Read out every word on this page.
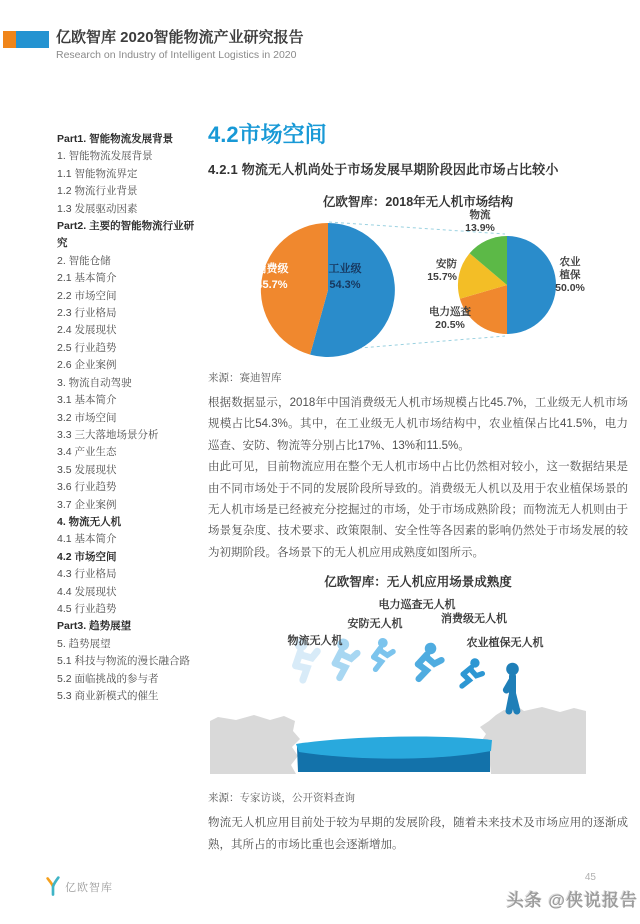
亿欧智库 2020智能物流产业研究报告
Research on Industry of Intelligent Logistics in 2020
Part1. 智能物流发展背景
1. 智能物流发展背景
1.1 智能物流界定
1.2 物流行业背景
1.3 发展驱动因素
Part2. 主要的智能物流行业研究
2. 智能仓储
2.1 基本简介
2.2 市场空间
2.3 行业格局
2.4 发展现状
2.5 行业趋势
2.6 企业案例
3. 物流自动驾驶
3.1 基本简介
3.2 市场空间
3.3 三大落地场景分析
3.4 产业生态
3.5 发展现状
3.6 行业趋势
3.7 企业案例
4. 物流无人机
4.1 基本简介
4.2 市场空间
4.3 行业格局
4.4 发展现状
4.5 行业趋势
Part3. 趋势展望
5. 趋势展望
5.1 科技与物流的漫长融合路
5.2 面临挑战的参与者
5.3 商业新模式的催生
4.2市场空间
4.2.1 物流无人机尚处于市场发展早期阶段因此市场占比较小
亿欧智库：2018年无人机市场结构
消费级
45.7%
工业级
54.3%
物流
13.9%
安防
15.7%
电力巡查
20.5%
农业
植保
50.0%
来源：赛迪智库

根据数据显示，2018年中国消费级无人机市场规模占比45.7%，工业级无人机市场规模占比54.3%。其中，在工业级无人机市场结构中，农业植保占比41.5%，电力巡查、安防、物流等分别占比17%、13%和11.5%。

由此可见，目前物流应用在整个无人机市场中占比仍然相对较小，这一数据结果是由不同市场处于不同的发展阶段所导致的。消费级无人机以及用于农业植保场景的无人机市场是已经被充分挖掘过的市场，处于市场成熟阶段；而物流无人机则由于场景复杂度、技术要求、政策限制、安全性等各因素的影响仍然处于市场发展的较为初期阶段。各场景下的无人机应用成熟度如图所示。

亿欧智库：无人机应用场景成熟度
物流无人机
安防无人机
电力巡查无人机
消费级无人机
农业植保无人机
来源：专家访谈，公开资料查询

物流无人机应用目前处于较为早期的发展阶段，随着未来技术及市场应用的逐渐成熟，其所占的市场比重也会逐渐增加。

亿欧智库
45
头条 @侠说报告
